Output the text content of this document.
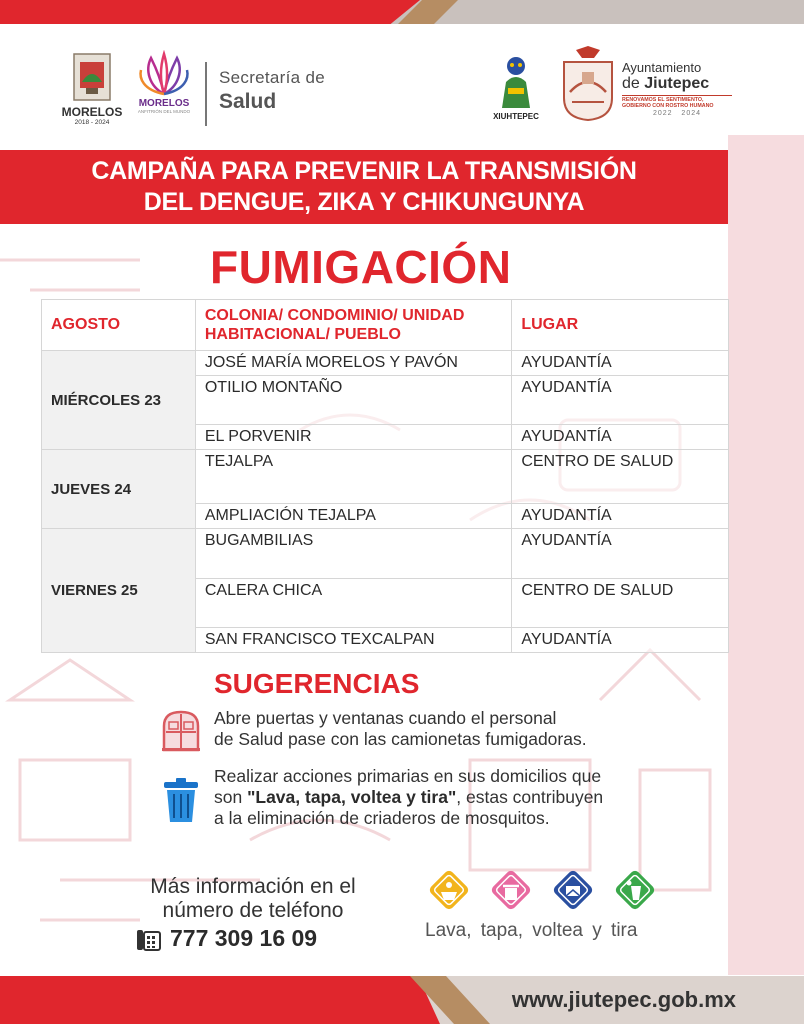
MORELOS
2018 - 2024
MORELOS
ANFITRIÓN DEL MUNDO
Secretaría de
Salud
XIUHTEPEC
Ayuntamiento
de Jiutepec
RENOVAMOS EL SENTIMIENTO,
GOBIERNO CON ROSTRO HUMANO
2022 2024
CAMPAÑA PARA PREVENIR LA TRANSMISIÓN
DEL DENGUE, ZIKA Y CHIKUNGUNYA
FUMIGACIÓN
AGOSTO	COLONIA/ CONDOMINIO/ UNIDAD HABITACIONAL/ PUEBLO	LUGAR
MIÉRCOLES 23	JOSÉ MARÍA MORELOS Y PAVÓN	AYUDANTÍA
	OTILIO MONTAÑO	AYUDANTÍA
	EL PORVENIR	AYUDANTÍA
JUEVES 24	TEJALPA	CENTRO DE SALUD
	AMPLIACIÓN TEJALPA	AYUDANTÍA
VIERNES 25	BUGAMBILIAS	AYUDANTÍA
	CALERA CHICA	CENTRO DE SALUD
	SAN FRANCISCO TEXCALPAN	AYUDANTÍA
SUGERENCIAS
Abre puertas y ventanas cuando el personal
de Salud pase con las camionetas fumigadoras.
Realizar acciones primarias en sus domicilios que
son "Lava, tapa, voltea y tira", estas contribuyen
a la eliminación de criaderos de mosquitos.
Más información en el
número de teléfono
777 309 16 09	Lava, tapa, voltea y tira
www.jiutepec.gob.mx
